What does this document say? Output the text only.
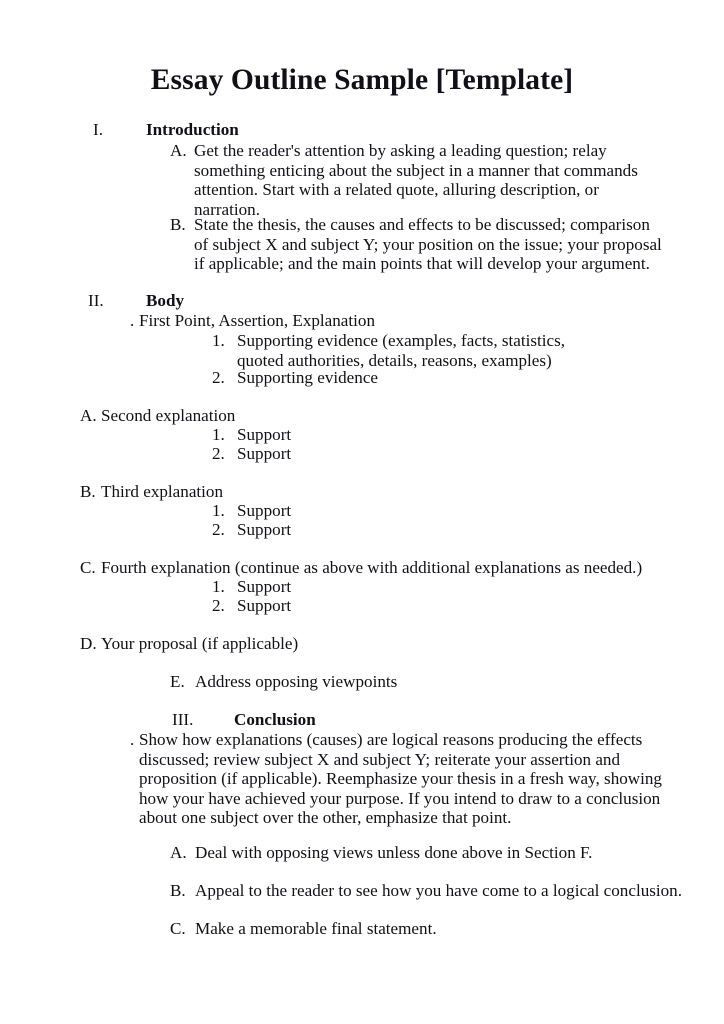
Essay Outline Sample [Template]
I.	Introduction
A. Get the reader's attention by asking a leading question; relay something enticing about the subject in a manner that commands attention. Start with a related quote, alluring description, or narration.
B. State the thesis, the causes and effects to be discussed; comparison of subject X and subject Y; your position on the issue; your proposal if applicable; and the main points that will develop your argument.
II. Body
. First Point, Assertion, Explanation
1. Supporting evidence (examples, facts, statistics, quoted authorities, details, reasons, examples)
2. Supporting evidence
A. Second explanation
1. Support
2. Support
B. Third explanation
1. Support
2. Support
C. Fourth explanation (continue as above with additional explanations as needed.)
1. Support
2. Support
D. Your proposal (if applicable)
E. Address opposing viewpoints
III. Conclusion
. Show how explanations (causes) are logical reasons producing the effects discussed; review subject X and subject Y; reiterate your assertion and proposition (if applicable). Reemphasize your thesis in a fresh way, showing how your have achieved your purpose. If you intend to draw to a conclusion about one subject over the other, emphasize that point.
A. Deal with opposing views unless done above in Section F.
B. Appeal to the reader to see how you have come to a logical conclusion.
C. Make a memorable final statement.
